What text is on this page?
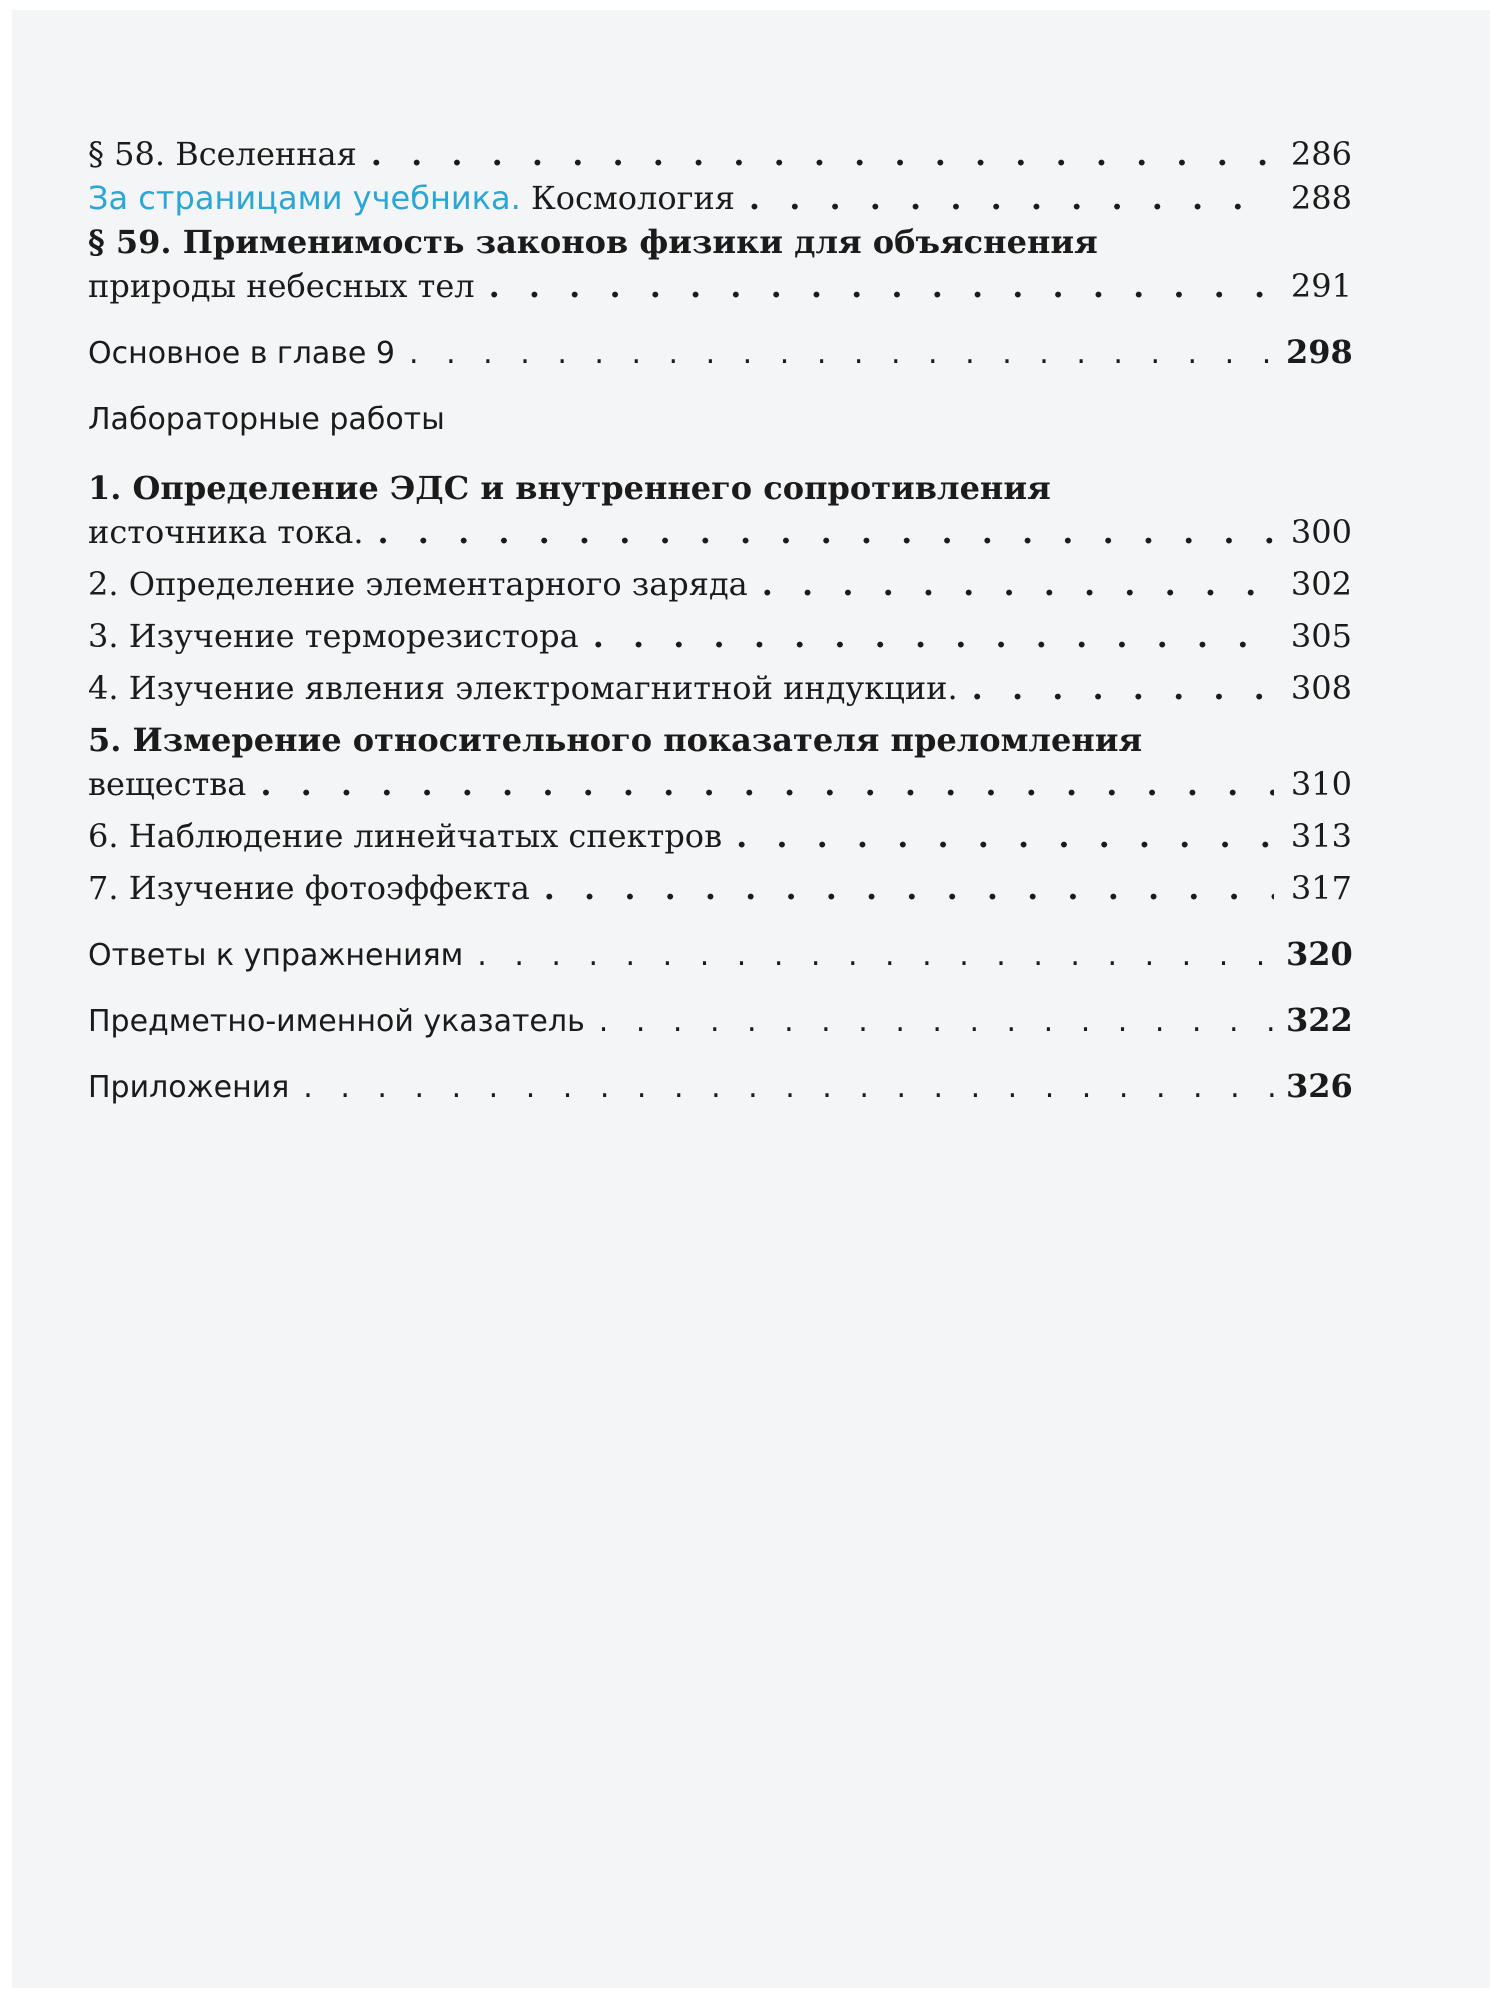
§ 58. Вселенная . . .	286
За страницами учебника. Космология . . .	288
§ 59. Применимость законов физики для объяснения
природы небесных тел . . .	291
Основное в главе 9 . . .	298
Лабораторные работы
1. Определение ЭДС и внутреннего сопротивления
источника тока. . . .	300
2. Определение элементарного заряда . . .	302
3. Изучение терморезистора . . .	305
4. Изучение явления электромагнитной индукции. . . .	308
5. Измерение относительного показателя преломления
вещества . . .	310
6. Наблюдение линейчатых спектров . . .	313
7. Изучение фотоэффекта . . .	317
Ответы к упражнениям . . .	320
Предметно-именной указатель . . .	322
Приложения . . .	326
